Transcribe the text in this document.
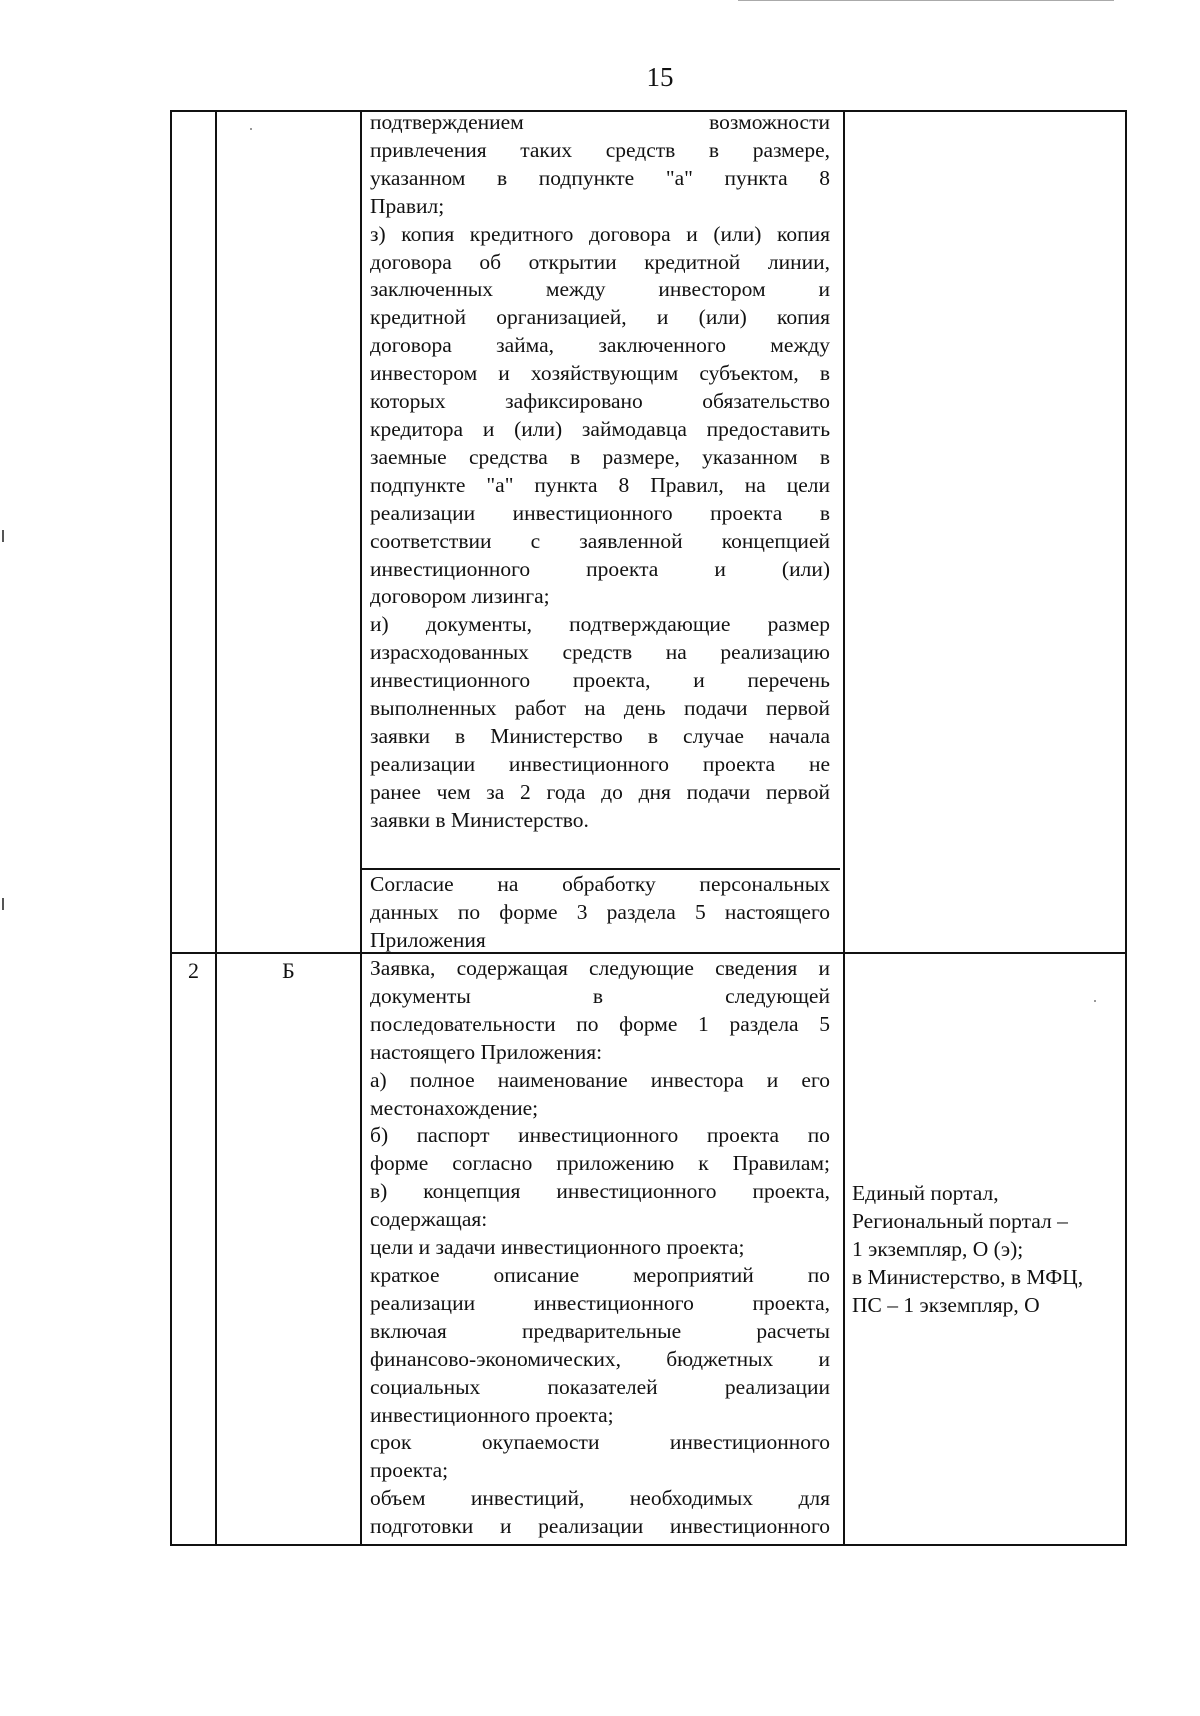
15
подтверждением возможности
привлечения таких средств в размере,
указанном в подпункте "а" пункта 8
Правил;
з) копия кредитного договора и (или) копия
договора об открытии кредитной линии,
заключенных между инвестором и
кредитной организацией, и (или) копия
договора займа, заключенного между
инвестором и хозяйствующим субъектом, в
которых зафиксировано обязательство
кредитора и (или) займодавца предоставить
заемные средства в размере, указанном в
подпункте "а" пункта 8 Правил, на цели
реализации инвестиционного проекта в
соответствии с заявленной концепцией
инвестиционного проекта и (или)
договором лизинга;
и) документы, подтверждающие размер
израсходованных средств на реализацию
инвестиционного проекта, и перечень
выполненных работ на день подачи первой
заявки в Министерство в случае начала
реализации инвестиционного проекта не
ранее чем за 2 года до дня подачи первой
заявки в Министерство.
Согласие на обработку персональных
данных по форме 3 раздела 5 настоящего
Приложения
2	Б	Заявка, содержащая следующие сведения и
документы в следующей
последовательности по форме 1 раздела 5
настоящего Приложения:
а) полное наименование инвестора и его
местонахождение;
б) паспорт инвестиционного проекта по
форме согласно приложению к Правилам;
в) концепция инвестиционного проекта,
содержащая:
цели и задачи инвестиционного проекта;
краткое описание мероприятий по
реализации инвестиционного проекта,
включая предварительные расчеты
финансово-экономических, бюджетных и
социальных показателей реализации
инвестиционного проекта;
срок окупаемости инвестиционного
проекта;
объем инвестиций, необходимых для
подготовки и реализации инвестиционного
Единый портал,
Региональный портал –
1 экземпляр, О (э);
в Министерство, в МФЦ,
ПС – 1 экземпляр, О
